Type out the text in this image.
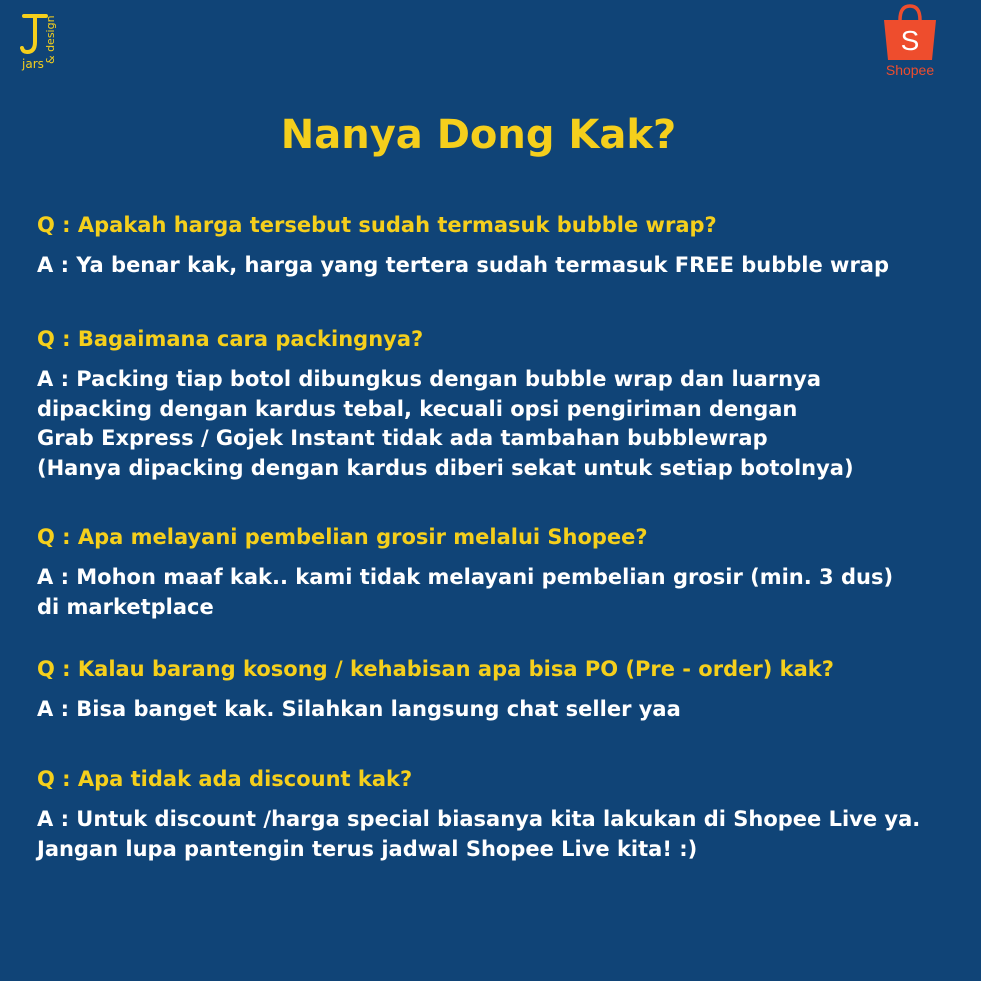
jars & design	S
Shopee
Nanya Dong Kak?
Q : Apakah harga tersebut sudah termasuk bubble wrap?
A : Ya benar kak, harga yang tertera sudah termasuk FREE bubble wrap
Q : Bagaimana cara packingnya?
A : Packing tiap botol dibungkus dengan bubble wrap dan luarnya
dipacking dengan kardus tebal, kecuali opsi pengiriman dengan
Grab Express / Gojek Instant tidak ada tambahan bubblewrap
(Hanya dipacking dengan kardus diberi sekat untuk setiap botolnya)
Q : Apa melayani pembelian grosir melalui Shopee?
A : Mohon maaf kak.. kami tidak melayani pembelian grosir (min. 3 dus)
di marketplace
Q : Kalau barang kosong / kehabisan apa bisa PO (Pre - order) kak?
A : Bisa banget kak. Silahkan langsung chat seller yaa
Q : Apa tidak ada discount kak?
A : Untuk discount /harga special biasanya kita lakukan di Shopee Live ya.
Jangan lupa pantengin terus jadwal Shopee Live kita! :)
